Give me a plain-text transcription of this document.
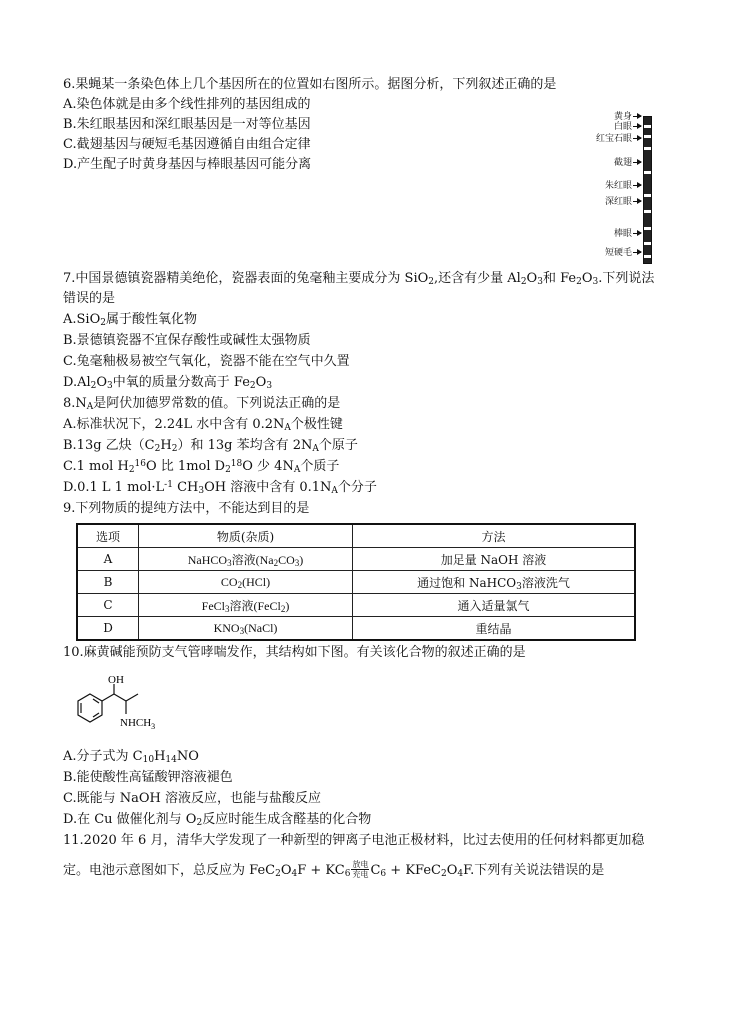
6.果蝇某一条染色体上几个基因所在的位置如右图所示。据图分析，下列叙述正确的是
A.染色体就是由多个线性排列的基因组成的
B.朱红眼基因和深红眼基因是一对等位基因
C.截翅基因与硬短毛基因遵循自由组合定律
D.产生配子时黄身基因与棒眼基因可能分离
黄身
白眼
红宝石眼
截翅
朱红眼
深红眼
棒眼
短硬毛
7.中国景德镇瓷器精美绝伦，瓷器表面的兔毫釉主要成分为 SiO$_2$,还含有少量 $Al_2O_3$和 $Fe_2O_3$.下列说法
错误的是
A.SiO$_2$属于酸性氧化物
B.景德镇瓷器不宜保存酸性或碱性太强物质
C.兔毫釉极易被空气氧化，瓷器不能在空气中久置
$D.Al_2O_3$中氧的质量分数高于 $Fe_2O_3$
$8.N_A$是阿伏加德罗常数的值。下列说法正确的是
A.标准状况下，2.24L 水中含有 $0.2N_A$个极性键
B.13g 乙炔$(C_2H_2)$和 13g 苯均含有 $2N_A$个原子
C.1 mol $H_2^{16}O$ 比 1mol $D_2^{18}O$ 少 $4N_A$个质子
D.0.1 L 1 $mol\cdot L^{-1}$ $CH_3OH$ 溶液中含有 $0.1N_A$个分子
9.下列物质的提纯方法中，不能达到目的是
选项	物质(杂质)	方法
A	NaHCO$_3$溶液$(Na_2CO_3)$	加足量 NaOH 溶液
B	$CO_2(HCl)$	通过饱和 NaHCO$_3$溶液洗气
C	FeCl$_3$溶液(FeCl$_2$)	通入适量氯气
D	$KNO_3(NaCl)$	重结晶
10.麻黄碱能预防支气管哮喘发作，其结构如下图。有关该化合物的叙述正确的是
OH
$NHCH_3$
A.分子式为 $C_{10}H_{14}NO$
B.能使酸性高锰酸钾溶液褪色
C.既能与 NaOH 溶液反应，也能与盐酸反应
D.在 Cu 做催化剂与 $O_2$反应时能生成含醛基的化合物
11.2020 年 6 月，清华大学发现了一种新型的钾离子电池正极材料，比过去使用的任何材料都更加稳
定。电池示意图如下，总反应为 $FeC_2O_4F + KC_6 \frac{\text{放电}}{\text{充电}} C_6$ + $KFeC_2O_4F$.下列有关说法错误的是
